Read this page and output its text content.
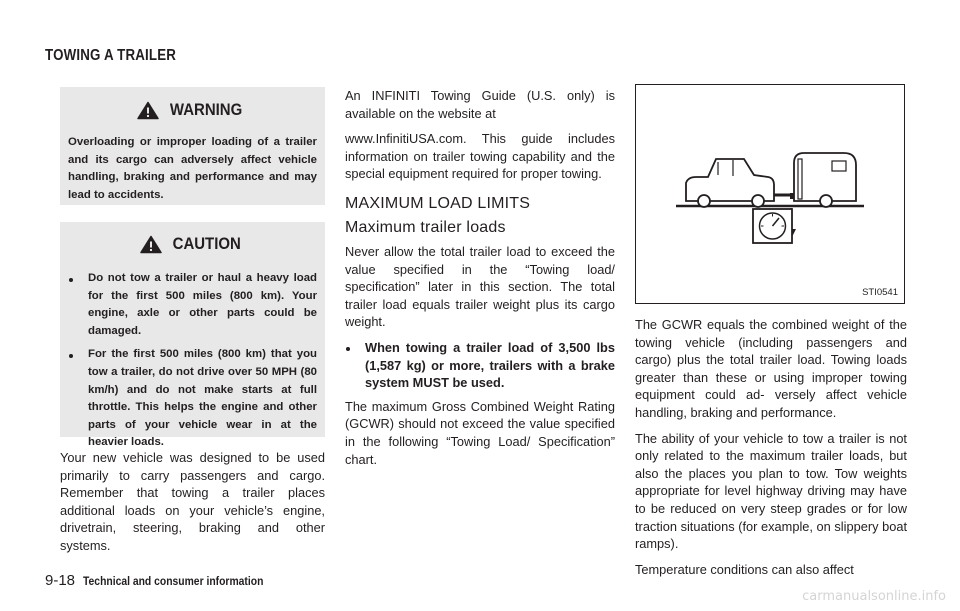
TOWING A TRAILER
WARNING
Overloading or improper loading of a trailer and its cargo can adversely affect vehicle handling, braking and performance and may lead to accidents.
CAUTION
Do not tow a trailer or haul a heavy load for the first 500 miles (800 km). Your engine, axle or other parts could be damaged.
For the first 500 miles (800 km) that you tow a trailer, do not drive over 50 MPH (80 km/h) and do not make starts at full throttle. This helps the engine and other parts of your vehicle wear in at the heavier loads.

Your new vehicle was designed to be used primarily to carry passengers and cargo. Remember that towing a trailer places additional loads on your vehicle’s engine, drivetrain, steering, braking and other systems.

An INFINITI Towing Guide (U.S. only) is available on the website at

www.InfinitiUSA.com. This guide includes information on trailer towing capability and the special equipment required for proper towing.

MAXIMUM LOAD LIMITS
Maximum trailer loads

Never allow the total trailer load to exceed the value specified in the “Towing load/ specification” later in this section. The total trailer load equals trailer weight plus its cargo weight.

When towing a trailer load of 3,500 lbs (1,587 kg) or more, trailers with a brake system MUST be used.

The maximum Gross Combined Weight Rating (GCWR) should not exceed the value specified in the following “Towing Load/ Specification” chart.

STI0541

The GCWR equals the combined weight of the towing vehicle (including passengers and cargo) plus the total trailer load. Towing loads greater than these or using improper towing equipment could ad- versely affect vehicle handling, braking and performance.

The ability of your vehicle to tow a trailer is not only related to the maximum trailer loads, but also the places you plan to tow. Tow weights appropriate for level highway driving may have to be reduced on very steep grades or for low traction situations (for example, on slippery boat ramps).

Temperature conditions can also affect

9-18 Technical and consumer information
carmanualsonline.info
